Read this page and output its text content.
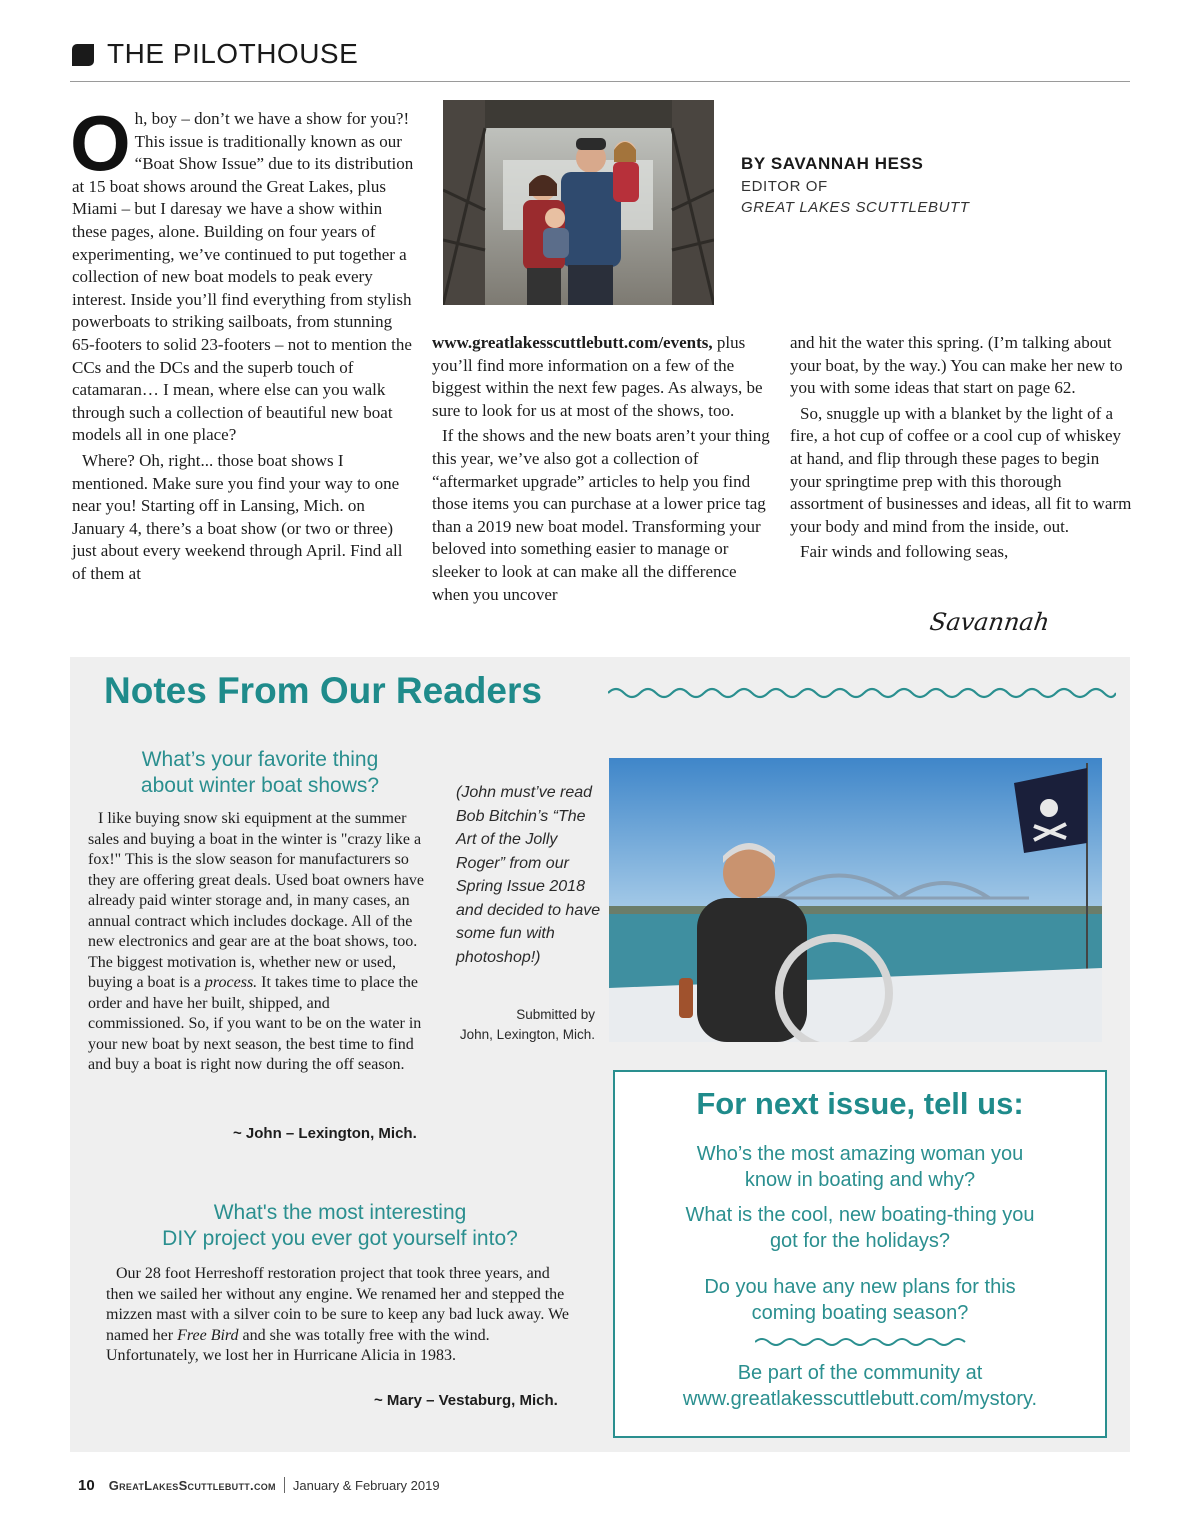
THE PILOTHOUSE

Oh, boy – don’t we have a show for you?! This issue is traditionally known as our “Boat Show Issue” due to its distribution at 15 boat shows around the Great Lakes, plus Miami – but I daresay we have a show within these pages, alone. Building on four years of experimenting, we’ve continued to put together a collection of new boat models to peak every interest. Inside you’ll find everything from stylish powerboats to striking sailboats, from stunning 65-footers to solid 23-footers – not to mention the CCs and the DCs and the superb touch of catamaran… I mean, where else can you walk through such a collection of beautiful new boat models all in one place?

Where? Oh, right... those boat shows I mentioned. Make sure you find your way to one near you! Starting off in Lansing, Mich. on January 4, there’s a boat show (or two or three) just about every weekend through April. Find all of them at

BY SAVANNAH HESS
EDITOR OF
GREAT LAKES SCUTTLEBUTT

www.greatlakesscuttlebutt.com/events, plus you’ll find more information on a few of the biggest within the next few pages. As always, be sure to look for us at most of the shows, too.

If the shows and the new boats aren’t your thing this year, we’ve also got a collection of “aftermarket upgrade” articles to help you find those items you can purchase at a lower price tag than a 2019 new boat model. Transforming your beloved into something easier to manage or sleeker to look at can make all the difference when you uncover

and hit the water this spring. (I’m talking about your boat, by the way.) You can make her new to you with some ideas that start on page 62.

So, snuggle up with a blanket by the light of a fire, a hot cup of coffee or a cool cup of whiskey at hand, and flip through these pages to begin your springtime prep with this thorough assortment of businesses and ideas, all fit to warm your body and mind from the inside, out.

Fair winds and following seas,

Savannah
Notes From Our Readers
What’s your favorite thing
about winter boat shows?

I like buying snow ski equipment at the summer sales and buying a boat in the winter is "crazy like a fox!" This is the slow season for manufacturers so they are offering great deals. Used boat owners have already paid winter storage and, in many cases, an annual contract which includes dockage. All of the new electronics and gear are at the boat shows, too. The biggest motivation is, whether new or used, buying a boat is a process. It takes time to place the order and have her built, shipped, and commissioned. So, if you want to be on the water in your new boat by next season, the best time to find and buy a boat is right now during the off season.

~ John – Lexington, Mich.
(John must’ve read Bob Bitchin’s “The Art of the Jolly Roger” from our Spring Issue 2018 and decided to have some fun with photoshop!)
Submitted by
John, Lexington, Mich.
What's the most interesting
DIY project you ever got yourself into?

Our 28 foot Herreshoff restoration project that took three years, and then we sailed her without any engine. We renamed her and stepped the mizzen mast with a silver coin to be sure to keep any bad luck away. We named her Free Bird and she was totally free with the wind. Unfortunately, we lost her in Hurricane Alicia in 1983.

~ Mary – Vestaburg, Mich.
For next issue, tell us:
Who’s the most amazing woman you
know in boating and why?
What is the cool, new boating-thing you
got for the holidays?
Do you have any new plans for this
coming boating season?
Be part of the community at
www.greatlakesscuttlebutt.com/mystory.
10 GreatLakesScuttlebutt.com January & February 2019
